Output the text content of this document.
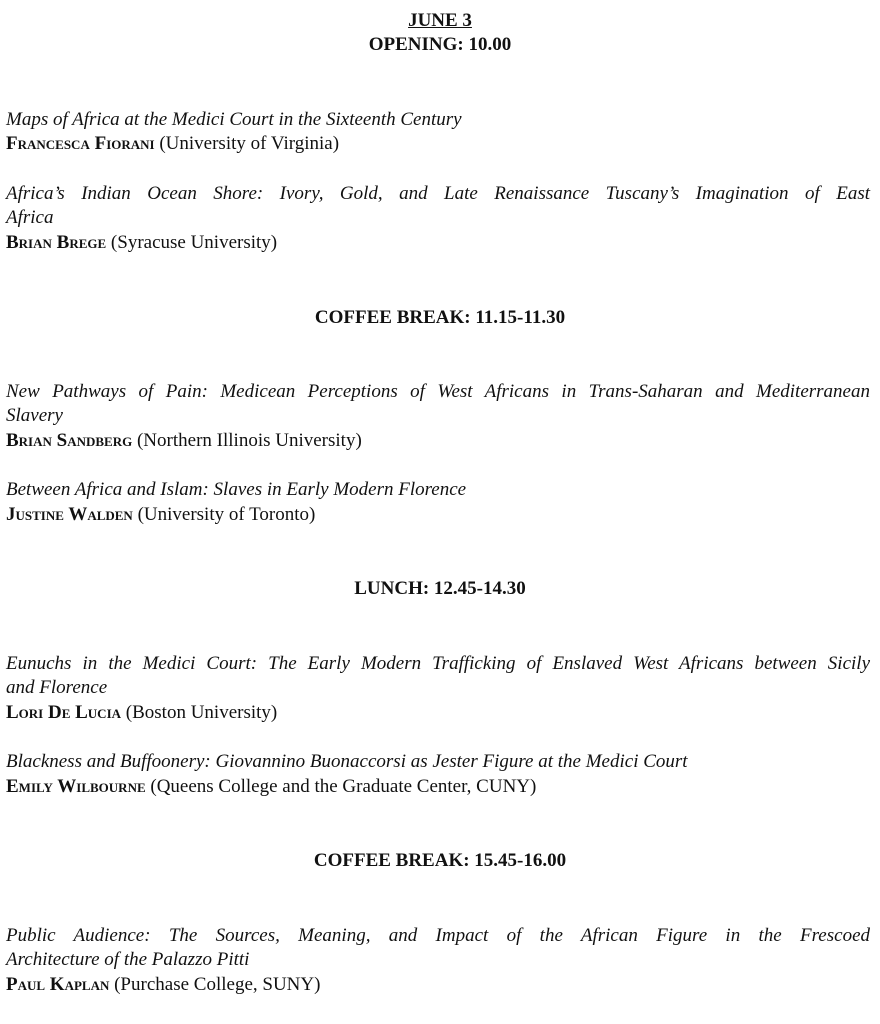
JUNE 3
OPENING: 10.00
Maps of Africa at the Medici Court in the Sixteenth Century
Francesca Fiorani (University of Virginia)
Africa’s Indian Ocean Shore: Ivory, Gold, and Late Renaissance Tuscany’s Imagination of East
Africa
Brian Brege (Syracuse University)
COFFEE BREAK: 11.15-11.30
New Pathways of Pain: Medicean Perceptions of West Africans in Trans-Saharan and Mediterranean
Slavery
Brian Sandberg (Northern Illinois University)
Between Africa and Islam: Slaves in Early Modern Florence
Justine Walden (University of Toronto)
LUNCH: 12.45-14.30
Eunuchs in the Medici Court: The Early Modern Trafficking of Enslaved West Africans between Sicily
and Florence
Lori De Lucia (Boston University)
Blackness and Buffoonery: Giovannino Buonaccorsi as Jester Figure at the Medici Court
Emily Wilbourne (Queens College and the Graduate Center, CUNY)
COFFEE BREAK: 15.45-16.00
Public Audience: The Sources, Meaning, and Impact of the African Figure in the Frescoed
Architecture of the Palazzo Pitti
Paul Kaplan (Purchase College, SUNY)
